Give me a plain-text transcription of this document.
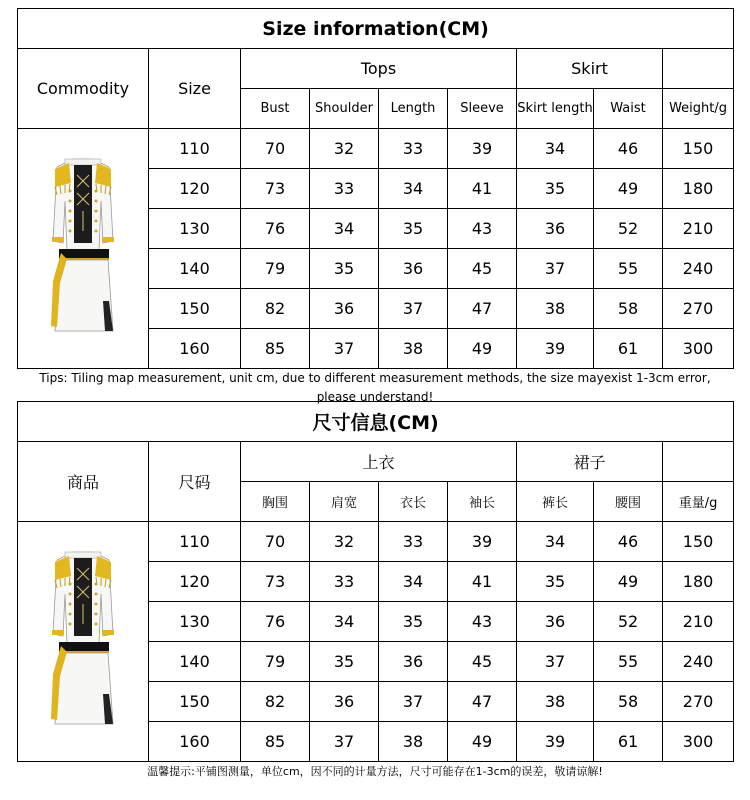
Size information(CM)								
Commodity	Size	Tops				Skirt		
		Bust	Shoulder	Length	Sleeve	Skirt length	Waist	Weight/g

	110	70	32	33	39	34	46	150
	120	73	33	34	41	35	49	180
	130	76	34	35	43	36	52	210
	140	79	35	36	45	37	55	240
	150	82	36	37	47	38	58	270
	160	85	37	38	49	39	61	300
Tips: Tiling map measurement, unit cm, due to different measurement methods, the size mayexist 1-3cm error, please understand!
尺寸信息(CM)								
商品	尺码	上衣				裙子		
		胸围	肩宽	衣长	袖长	裤长	腰围	重量/g

	110	70	32	33	39	34	46	150
	120	73	33	34	41	35	49	180
	130	76	34	35	43	36	52	210
	140	79	35	36	45	37	55	240
	150	82	36	37	47	38	58	270
	160	85	37	38	49	39	61	300
温馨提示:平铺图测量，单位cm，因不同的计量方法，尺寸可能存在1-3cm的误差，敬请谅解!
